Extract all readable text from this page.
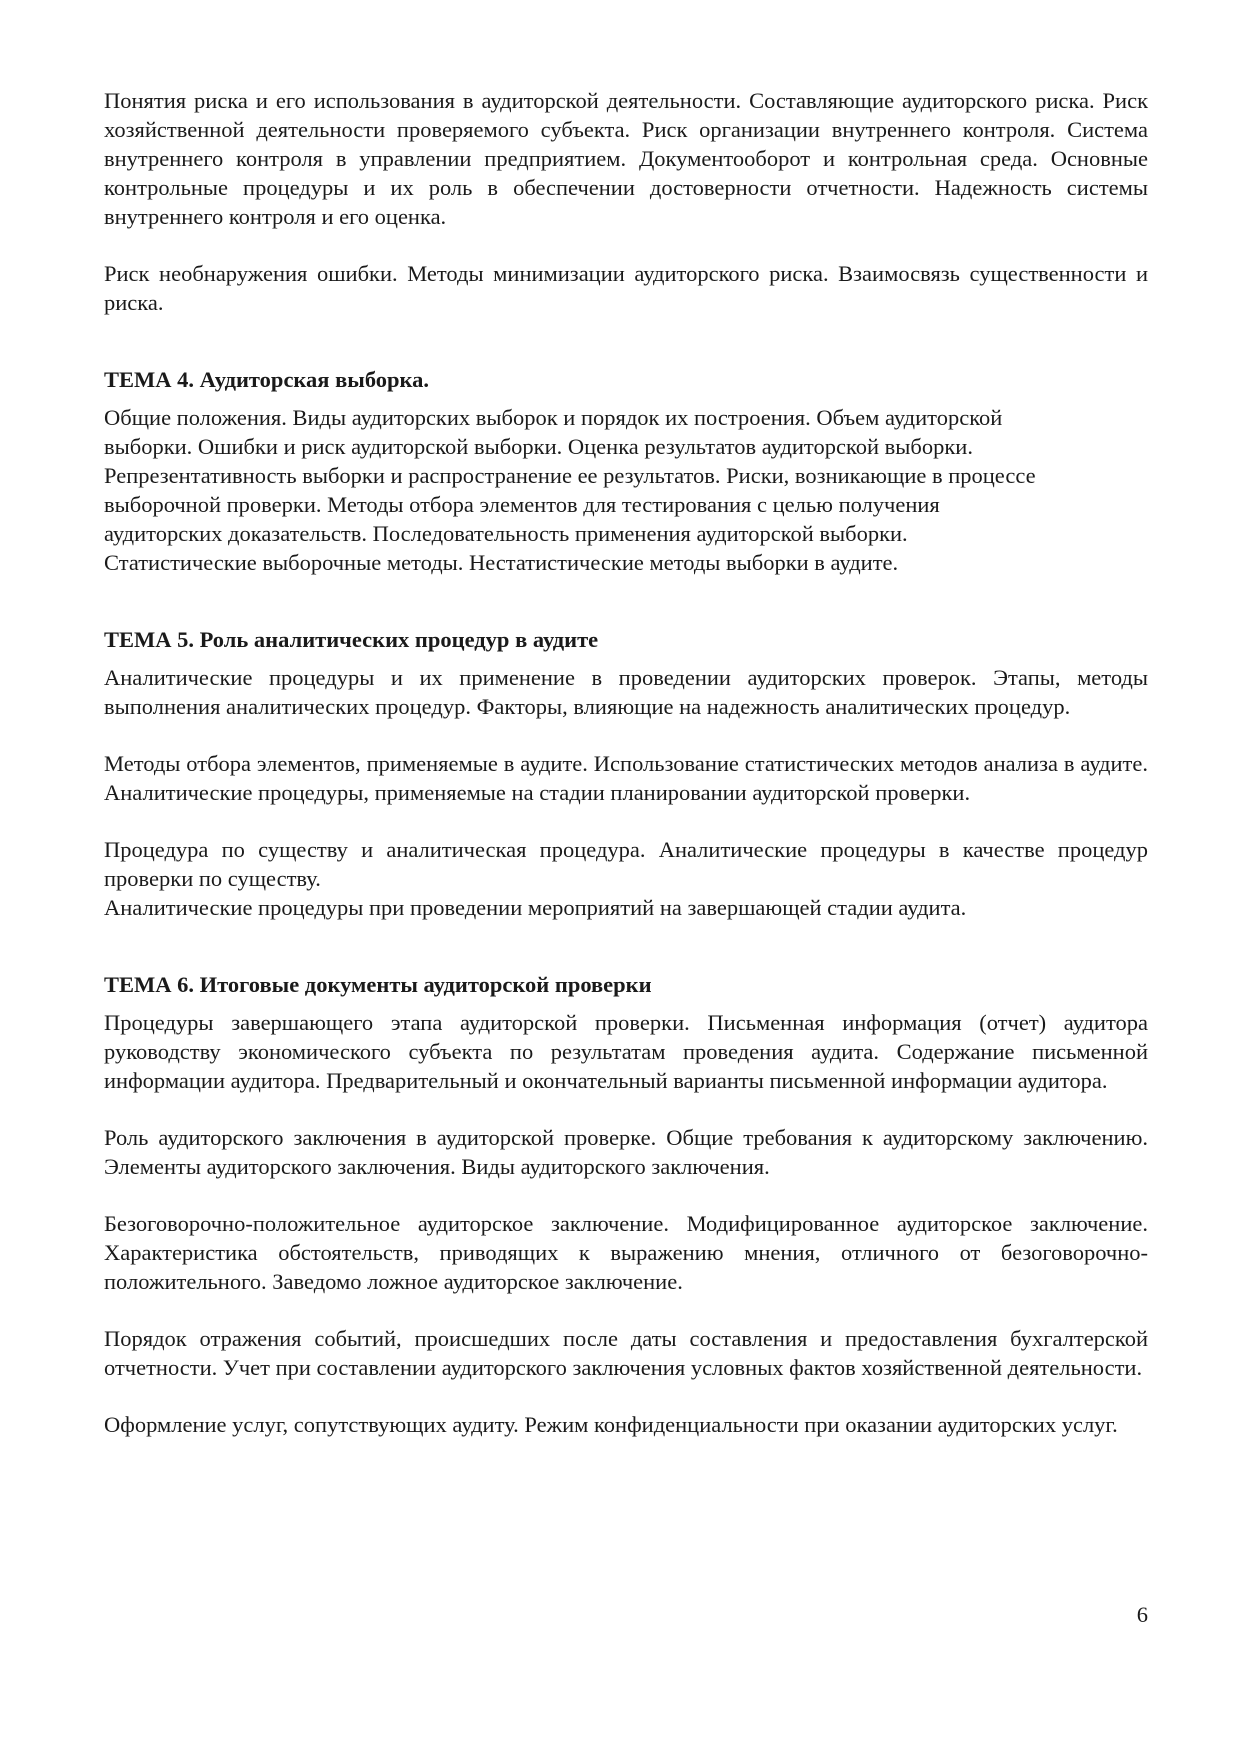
Понятия риска и его использования в аудиторской деятельности. Составляющие аудиторского риска. Риск хозяйственной деятельности проверяемого субъекта. Риск организации внутреннего контроля. Система внутреннего контроля в управлении предприятием. Документооборот и контрольная среда. Основные контрольные процедуры и их роль в обеспечении достоверности отчетности. Надежность системы внутреннего контроля и его оценка.

Риск необнаружения ошибки. Методы минимизации аудиторского риска. Взаимосвязь существенности и риска.

ТЕМА 4. Аудиторская выборка.

Общие положения. Виды аудиторских выборок и порядок их построения. Объем аудиторской
выборки. Ошибки и риск аудиторской выборки. Оценка результатов аудиторской выборки.
Репрезентативность выборки и распространение ее результатов. Риски, возникающие в процессе
выборочной проверки. Методы отбора элементов для тестирования с целью получения
аудиторских доказательств. Последовательность применения аудиторской выборки.
Статистические выборочные методы. Нестатистические методы выборки в аудите.

ТЕМА 5. Роль аналитических процедур в аудите

Аналитические процедуры и их применение в проведении аудиторских проверок. Этапы, методы выполнения аналитических процедур. Факторы, влияющие на надежность аналитических процедур.

Методы отбора элементов, применяемые в аудите. Использование статистических методов анализа в аудите. Аналитические процедуры, применяемые на стадии планировании аудиторской проверки.

Процедура по существу и аналитическая процедура. Аналитические процедуры в качестве процедур проверки по существу.

Аналитические процедуры при проведении мероприятий на завершающей стадии аудита.

ТЕМА 6. Итоговые документы аудиторской проверки

Процедуры завершающего этапа аудиторской проверки. Письменная информация (отчет) аудитора руководству экономического субъекта по результатам проведения аудита. Содержание письменной информации аудитора. Предварительный и окончательный варианты письменной информации аудитора.

Роль аудиторского заключения в аудиторской проверке. Общие требования к аудиторскому заключению. Элементы аудиторского заключения. Виды аудиторского заключения.

Безоговорочно-положительное аудиторское заключение. Модифицированное аудиторское заключение. Характеристика обстоятельств, приводящих к выражению мнения, отличного от безоговорочно-положительного. Заведомо ложное аудиторское заключение.

Порядок отражения событий, происшедших после даты составления и предоставления бухгалтерской отчетности. Учет при составлении аудиторского заключения условных фактов хозяйственной деятельности.

Оформление услуг, сопутствующих аудиту. Режим конфиденциальности при оказании аудиторских услуг.

6
